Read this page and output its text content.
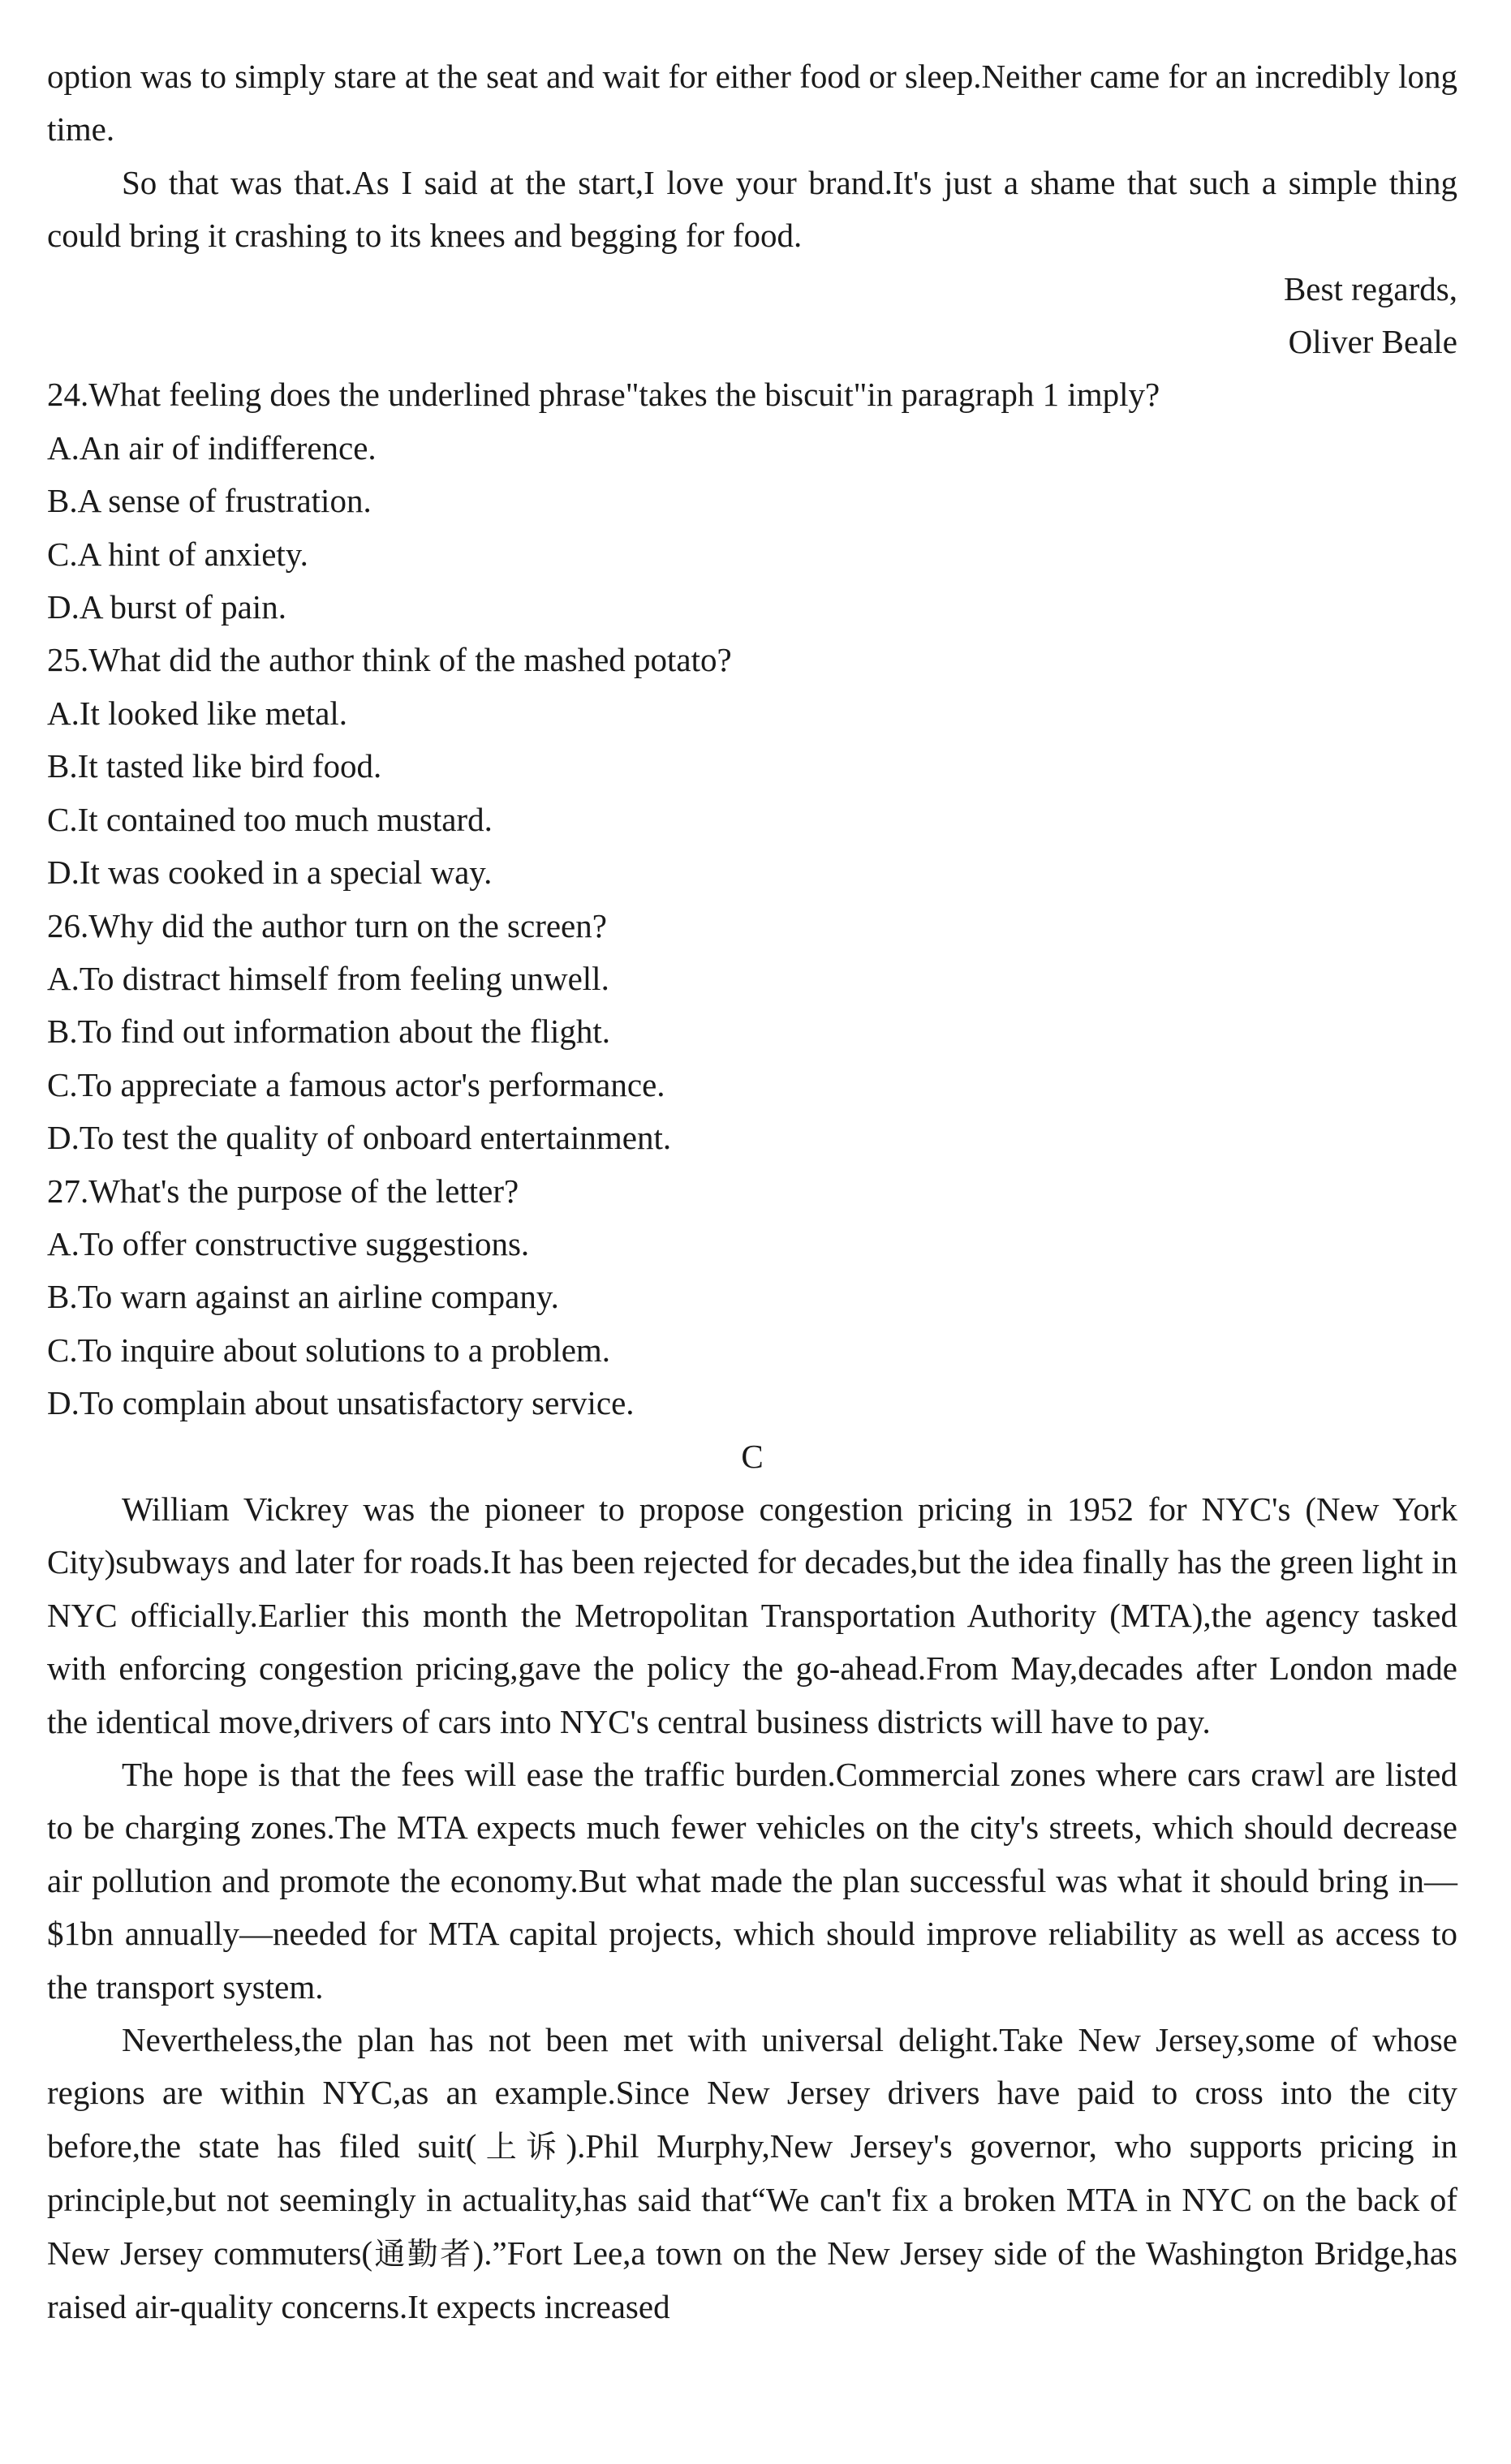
option was to simply stare at the seat and wait for either food or sleep.Neither came for an incredibly long time.

So that was that.As I said at the start,I love your brand.It's just a shame that such a simple thing could bring it crashing to its knees and begging for food.

Best regards,

Oliver Beale

24.What feeling does the underlined phrase"takes the biscuit"in paragraph 1 imply?

A.An air of indifference.

B.A sense of frustration.

C.A hint of anxiety.

D.A burst of pain.

25.What did the author think of the mashed potato?

A.It looked like metal.

B.It tasted like bird food.

C.It contained too much mustard.

D.It was cooked in a special way.

26.Why did the author turn on the screen?

A.To distract himself from feeling unwell.

B.To find out information about the flight.

C.To appreciate a famous actor's performance.

D.To test the quality of onboard entertainment.

27.What's the purpose of the letter?

A.To offer constructive suggestions.

B.To warn against an airline company.

C.To inquire about solutions to a problem.

D.To complain about unsatisfactory service.

C

William Vickrey was the pioneer to propose congestion pricing in 1952 for NYC's (New York City)subways and later for roads.It has been rejected for decades,but the idea finally has the green light in NYC officially.Earlier this month the Metropolitan Transportation Authority (MTA),the agency tasked with enforcing congestion pricing,gave the policy the go-ahead.From May,decades after London made the identical move,drivers of cars into NYC's central business districts will have to pay.

The hope is that the fees will ease the traffic burden.Commercial zones where cars crawl are listed to be charging zones.The MTA expects much fewer vehicles on the city's streets, which should decrease air pollution and promote the economy.But what made the plan successful was what it should bring in—$1bn annually—needed for MTA capital projects, which should improve reliability as well as access to the transport system.

Nevertheless,the plan has not been met with universal delight.Take New Jersey,some of whose regions are within NYC,as an example.Since New Jersey drivers have paid to cross into the city before,the state has filed suit(上诉).Phil Murphy,New Jersey's governor, who supports pricing in principle,but not seemingly in actuality,has said that“We can't fix a broken MTA in NYC on the back of New Jersey commuters(通勤者).”Fort Lee,a town on the New Jersey side of the Washington Bridge,has raised air-quality concerns.It expects increased
